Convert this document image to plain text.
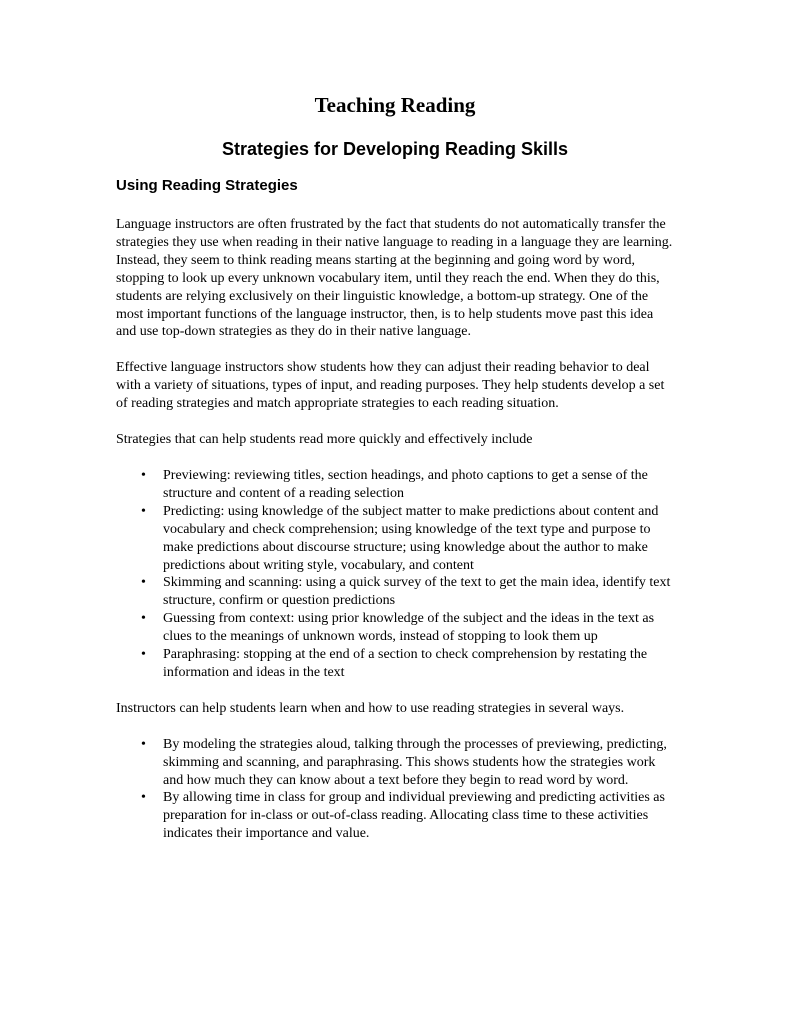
Teaching Reading
Strategies for Developing Reading Skills
Using Reading Strategies

Language instructors are often frustrated by the fact that students do not automatically transfer the strategies they use when reading in their native language to reading in a language they are learning. Instead, they seem to think reading means starting at the beginning and going word by word, stopping to look up every unknown vocabulary item, until they reach the end. When they do this, students are relying exclusively on their linguistic knowledge, a bottom-up strategy. One of the most important functions of the language instructor, then, is to help students move past this idea and use top-down strategies as they do in their native language.

Effective language instructors show students how they can adjust their reading behavior to deal with a variety of situations, types of input, and reading purposes. They help students develop a set of reading strategies and match appropriate strategies to each reading situation.

Strategies that can help students read more quickly and effectively include

• Previewing: reviewing titles, section headings, and photo captions to get a sense of the structure and content of a reading selection
• Predicting: using knowledge of the subject matter to make predictions about content and vocabulary and check comprehension; using knowledge of the text type and purpose to make predictions about discourse structure; using knowledge about the author to make predictions about writing style, vocabulary, and content
• Skimming and scanning: using a quick survey of the text to get the main idea, identify text structure, confirm or question predictions
• Guessing from context: using prior knowledge of the subject and the ideas in the text as clues to the meanings of unknown words, instead of stopping to look them up
• Paraphrasing: stopping at the end of a section to check comprehension by restating the information and ideas in the text

Instructors can help students learn when and how to use reading strategies in several ways.

• By modeling the strategies aloud, talking through the processes of previewing, predicting, skimming and scanning, and paraphrasing. This shows students how the strategies work and how much they can know about a text before they begin to read word by word.
• By allowing time in class for group and individual previewing and predicting activities as preparation for in-class or out-of-class reading. Allocating class time to these activities indicates their importance and value.
